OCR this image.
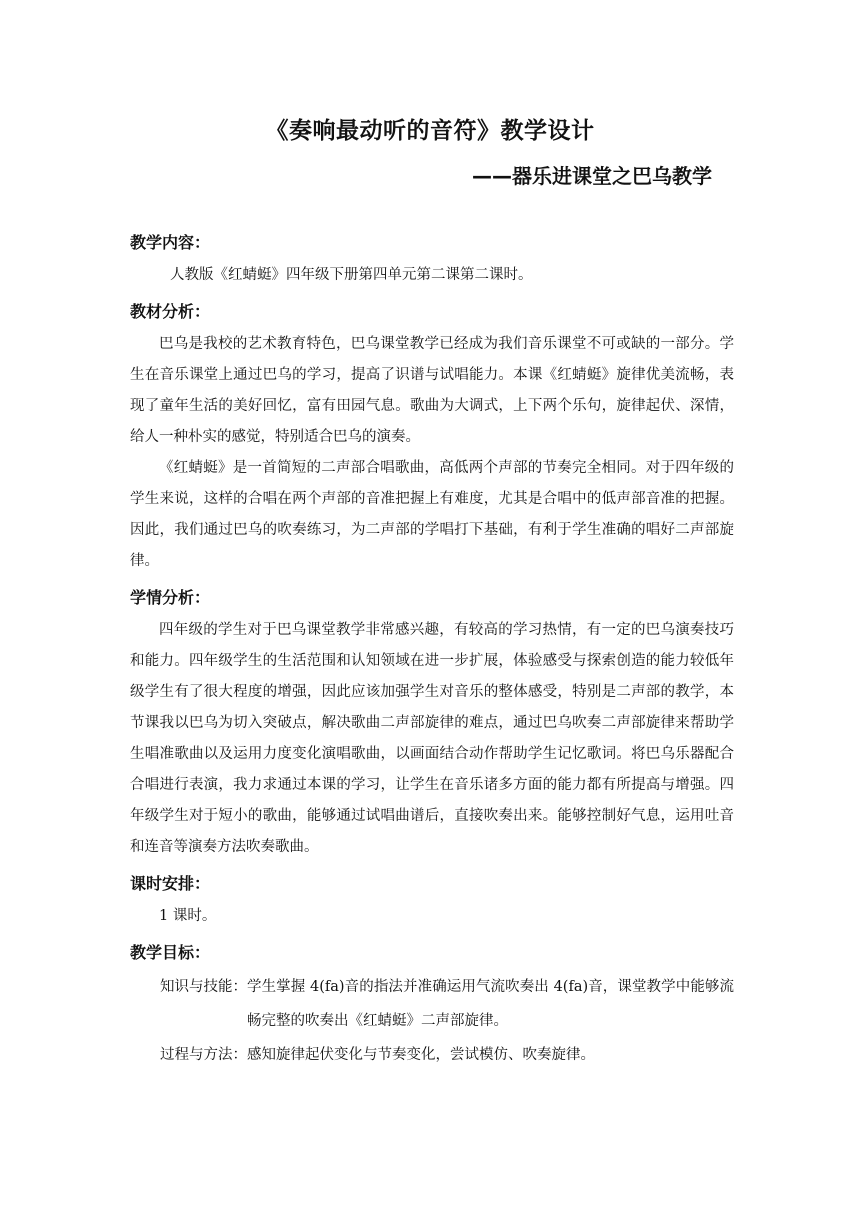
《奏响最动听的音符》教学设计
——器乐进课堂之巴乌教学

教学内容：

人教版《红蜻蜓》四年级下册第四单元第二课第二课时。

教材分析：

巴乌是我校的艺术教育特色，巴乌课堂教学已经成为我们音乐课堂不可或缺的一部分。学生在音乐课堂上通过巴乌的学习，提高了识谱与试唱能力。本课《红蜻蜓》旋律优美流畅，表现了童年生活的美好回忆，富有田园气息。歌曲为大调式，上下两个乐句，旋律起伏、深情，给人一种朴实的感觉，特别适合巴乌的演奏。

《红蜻蜓》是一首简短的二声部合唱歌曲，高低两个声部的节奏完全相同。对于四年级的学生来说，这样的合唱在两个声部的音准把握上有难度，尤其是合唱中的低声部音准的把握。因此，我们通过巴乌的吹奏练习，为二声部的学唱打下基础，有利于学生准确的唱好二声部旋律。

学情分析：

四年级的学生对于巴乌课堂教学非常感兴趣，有较高的学习热情，有一定的巴乌演奏技巧和能力。四年级学生的生活范围和认知领域在进一步扩展，体验感受与探索创造的能力较低年级学生有了很大程度的增强，因此应该加强学生对音乐的整体感受，特别是二声部的教学，本节课我以巴乌为切入突破点，解决歌曲二声部旋律的难点，通过巴乌吹奏二声部旋律来帮助学生唱准歌曲以及运用力度变化演唱歌曲，以画面结合动作帮助学生记忆歌词。将巴乌乐器配合合唱进行表演，我力求通过本课的学习，让学生在音乐诸多方面的能力都有所提高与增强。四年级学生对于短小的歌曲，能够通过试唱曲谱后，直接吹奏出来。能够控制好气息，运用吐音和连音等演奏方法吹奏歌曲。

课时安排：

1 课时。

教学目标：

知识与技能： 学生掌握 4(fa)音的指法并准确运用气流吹奏出 4(fa)音，课堂教学中能够流畅完整的吹奏出《红蜻蜓》二声部旋律。
过程与方法： 感知旋律起伏变化与节奏变化，尝试模仿、吹奏旋律。
